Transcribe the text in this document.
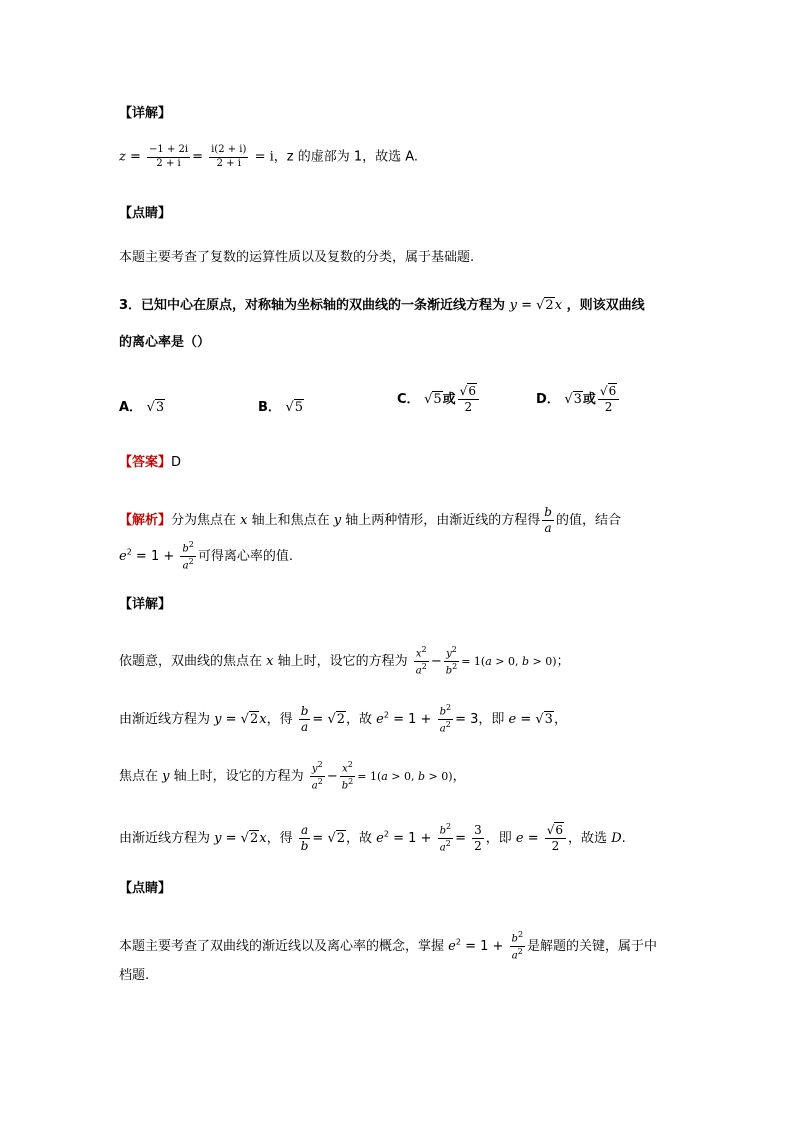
【详解】
$z = \frac{-1 + 2i}{2 + i} = \frac{i(2 + i)}{2 + i} = i$，z 的虚部为 1，故选 A.
【点睛】
本题主要考查了复数的运算性质以及复数的分类，属于基础题.
3．已知中心在原点，对称轴为坐标轴的双曲线的一条渐近线方程为 y = √2x ，则该双曲线
的离心率是（）
A． √3	B． √5
C． √5或 $\frac{√6}{2}$	D． √3或 $\frac{√6}{2}$
【答案】D
【解析】分为焦点在 x 轴上和焦点在 y 轴上两种情形，由渐近线的方程得 $\frac{b}{a}$ 的值，结合
$e^2 = 1 + \frac{b^2}{a^2}$ 可得离心率的值.
【详解】
依题意，双曲线的焦点在 x 轴上时，设它的方程为 $\frac{x^2}{a^2} - \frac{y^2}{b^2} = 1(a > 0$, b > 0)；
由渐近线方程为 y = √2x，得 $\frac{b}{a} = √2$，故 $e^2 = 1 + \frac{b^2}{a^2} = 3$，即 e = √3，
焦点在 y 轴上时，设它的方程为 $\frac{y^2}{a^2} - \frac{x^2}{b^2} = 1(a > 0$, b > 0)，
由渐近线方程为 y = √2x，得 $\frac{a}{b} = √2$，故 $e^2 = 1 + \frac{b^2}{a^2} = \frac{3}{2}$ ，即 $e = \frac{√6}{2}$ ，故选 D.
【点睛】
本题主要考查了双曲线的渐近线以及离心率的概念，掌握 $e^2 = 1 + \frac{b^2}{a^2}$ 是解题的关键，属于中
档题.
